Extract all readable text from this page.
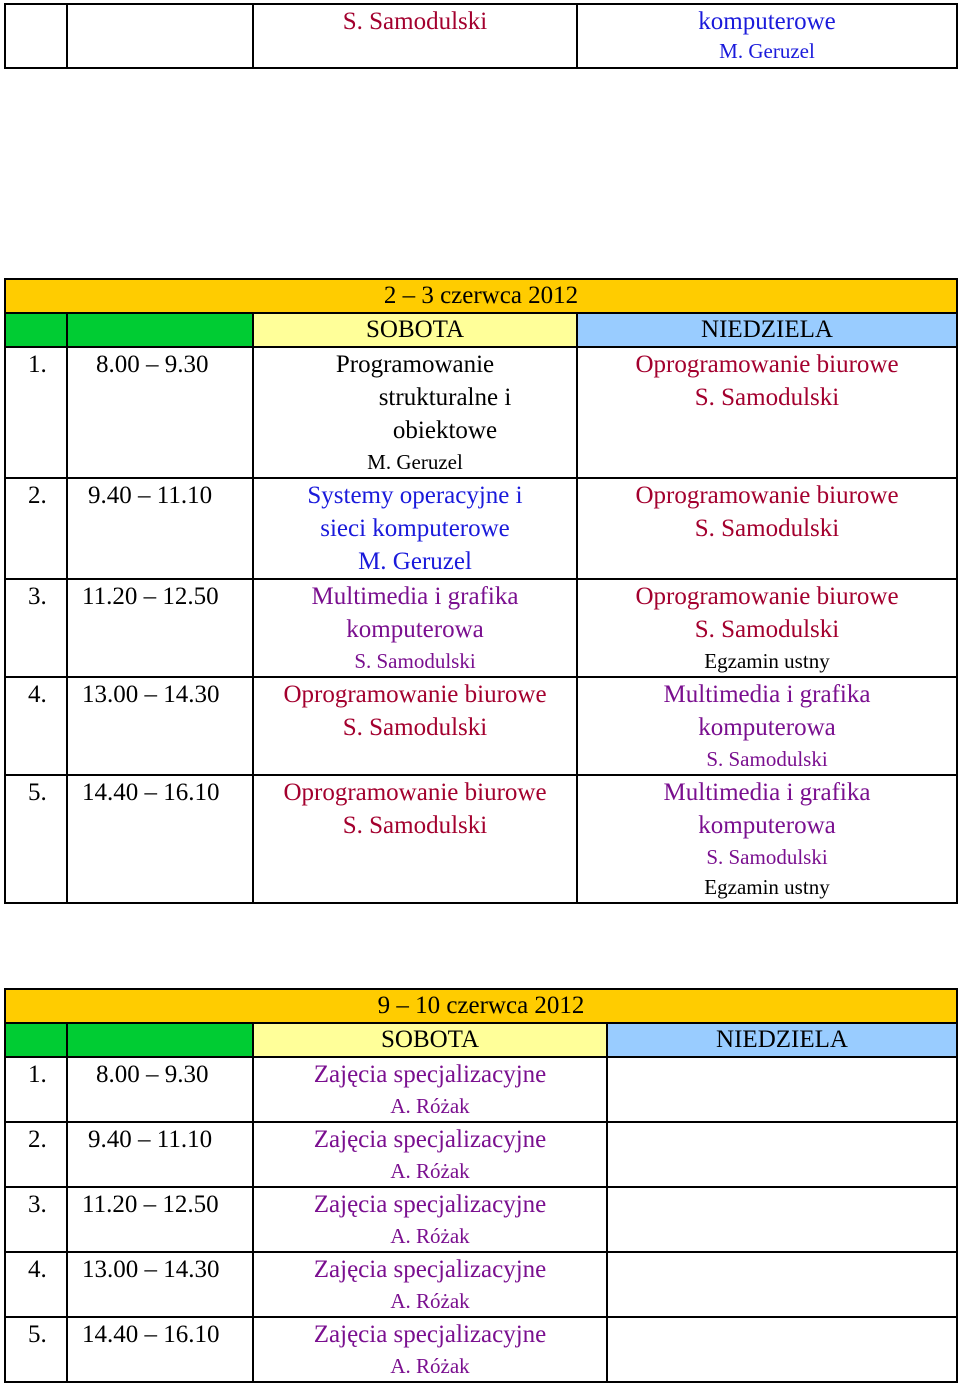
S. Samodulski	komputerowe
M. Geruzel
2 – 3 czerwca 2012			
		SOBOTA	NIEDZIELA
1.	8.00 – 9.30	Programowanie
strukturalne i
obiektowe
M. Geruzel	Oprogramowanie biurowe
S. Samodulski

2.	9.40 – 11.10	Systemy operacyjne i
sieci komputerowe
M. Geruzel	Oprogramowanie biurowe
S. Samodulski

3.	11.20 – 12.50	Multimedia i grafika
komputerowa
S. Samodulski	Oprogramowanie biurowe
S. Samodulski
Egzamin ustny

4.	13.00 – 14.30	Oprogramowanie biurowe
S. Samodulski	Multimedia i grafika
komputerowa
S. Samodulski

5.	14.40 – 16.10	Oprogramowanie biurowe
S. Samodulski	Multimedia i grafika
komputerowa
S. Samodulski
Egzamin ustny
9 – 10 czerwca 2012			
		SOBOTA	NIEDZIELA
1.	8.00 – 9.30	Zajęcia specjalizacyjne
A. Różak	

2.	9.40 – 11.10	Zajęcia specjalizacyjne
A. Różak	

3.	11.20 – 12.50	Zajęcia specjalizacyjne
A. Różak	

4.	13.00 – 14.30	Zajęcia specjalizacyjne
A. Różak	

5.	14.40 – 16.10	Zajęcia specjalizacyjne
A. Różak	
